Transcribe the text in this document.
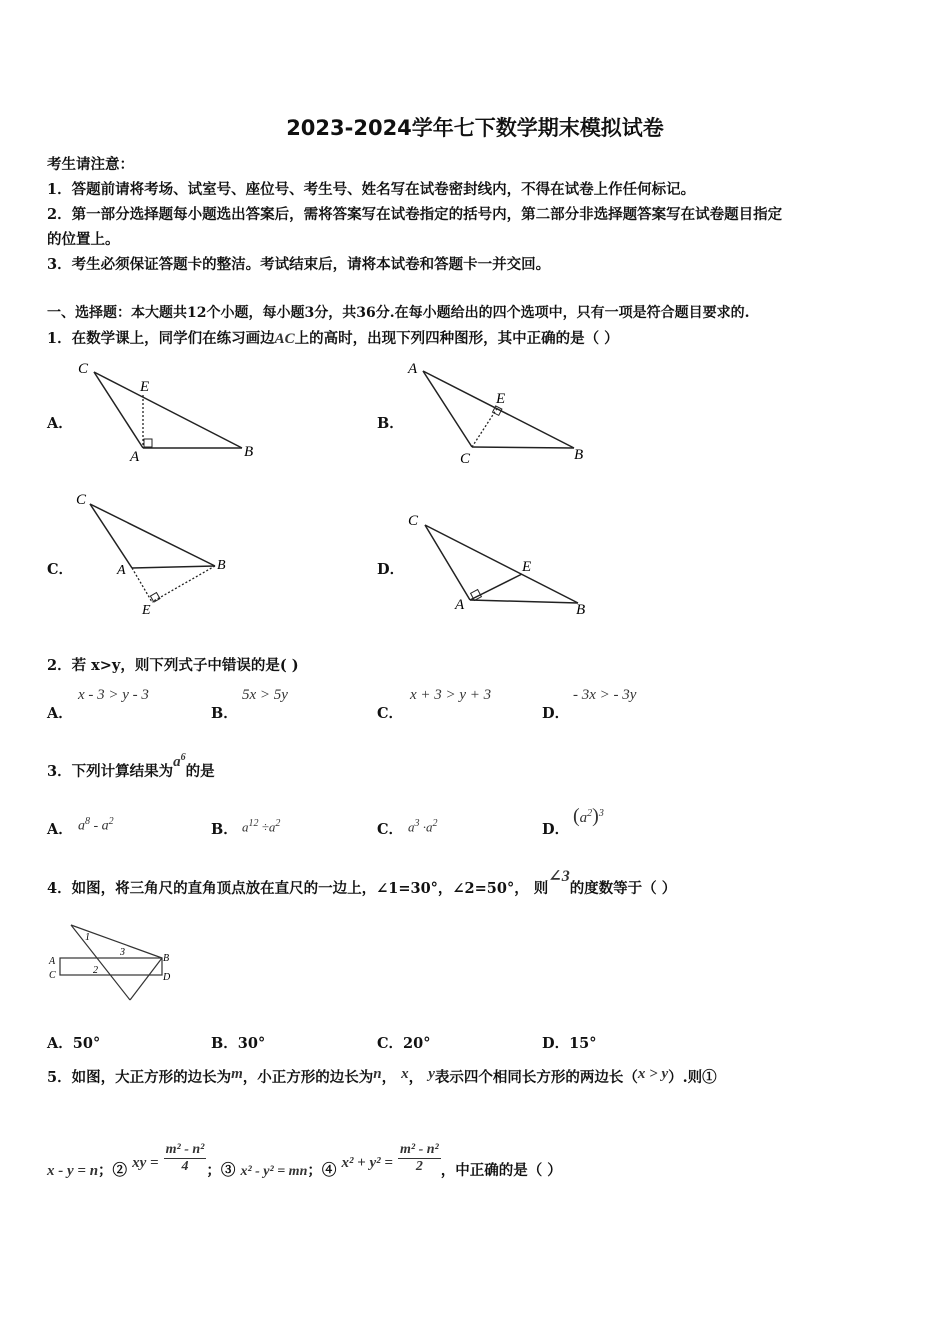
2023-2024学年七下数学期末模拟试卷
考生请注意：
1．答题前请将考场、试室号、座位号、考生号、姓名写在试卷密封线内，不得在试卷上作任何标记。
2．第一部分选择题每小题选出答案后，需将答案写在试卷指定的括号内，第二部分非选择题答案写在试卷题目指定
的位置上。
3．考生必须保证答题卡的整洁。考试结束后，请将本试卷和答题卡一并交回。
一、选择题：本大题共12个小题，每小题3分，共36分.在每小题给出的四个选项中，只有一项是符合题目要求的.
1．在数学课上，同学们在练习画边AC上的高时，出现下列四种图形，其中正确的是（ ）
A．
C
E
A	B
B．
A
E
C	B
C．
C
A	B
E
D．
C
E
A	B
2．若 x>y，则下列式子中错误的是( )
A．
x - 3 > y - 3
B．
5x > 5y
C．
x + 3 > y + 3
D．
- 3x > - 3y
3．下列计算结果为$a^6$的是
A． $a^8 - a^2$	B． $a^{12} \div a^2$	C． $a^3 \cdot a^2$	D．
$(a^2)^3$
4．如图，将三角尺的直角顶点放在直尺的一边上，∠1=30°，∠2=50°， 则∠3的度数等于（ ）
1
3
2
A
C
B
D
A．50°	B．30°	C．20°	D．15°
5．如图，大正方形的边长为m，小正方形的边长为n， x， y表示四个相同长方形的两边长（x > y）.则①
x - y = n；② xy = $\frac{\text{m² - n²}}{4}$ ；③ x² - y² = mn；④ $x^2 + y^2 = \frac{\text{m² - n²}}{2}$ ，中正确的是（ ）
